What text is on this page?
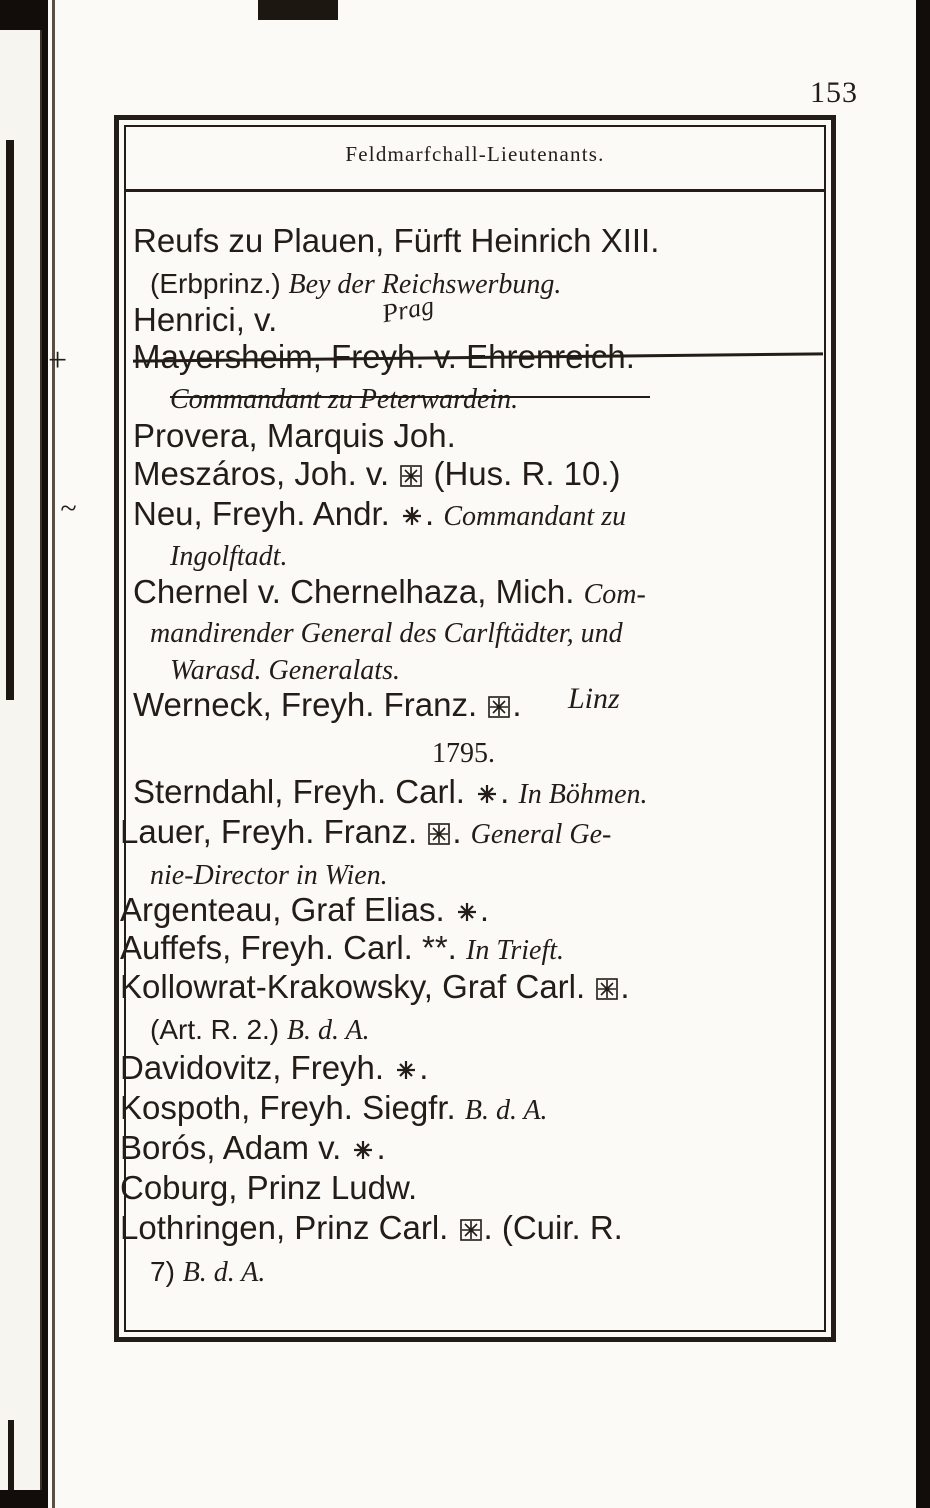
153
Feldmarfchall-Lieutenants.
Reufs zu Plauen, Fürft Heinrich XIII.
(Erbprinz.) Bey der Reichswerbung.
Henrici, v.	Prag
Mayersheim, Freyh. v. Ehrenreich.
+
Commandant zu Peterwardein.
Provera, Marquis Joh.
Meszáros, Joh. v.  (Hus. R. 10.)
Neu, Freyh. Andr. . Commandant zu
~
Ingolftadt.
Chernel v. Chernelhaza, Mich. Com-
mandirender General des Carlftädter, und
Warasd. Generalats.
Werneck, Freyh. Franz. . Linz
1795.
Sterndahl, Freyh. Carl. . In Böhmen.
Lauer, Freyh. Franz. . General Ge-
nie-Director in Wien.
Argenteau, Graf Elias. .
Auffefs, Freyh. Carl. **. In Trieft.
Kollowrat-Krakowsky, Graf Carl. .
(Art. R. 2.) B. d. A.
Davidovitz, Freyh. .
Kospoth, Freyh. Siegfr. B. d. A.
Borós, Adam v. .
Coburg, Prinz Ludw.
Lothringen, Prinz Carl. . (Cuir. R.
7) B. d. A.
